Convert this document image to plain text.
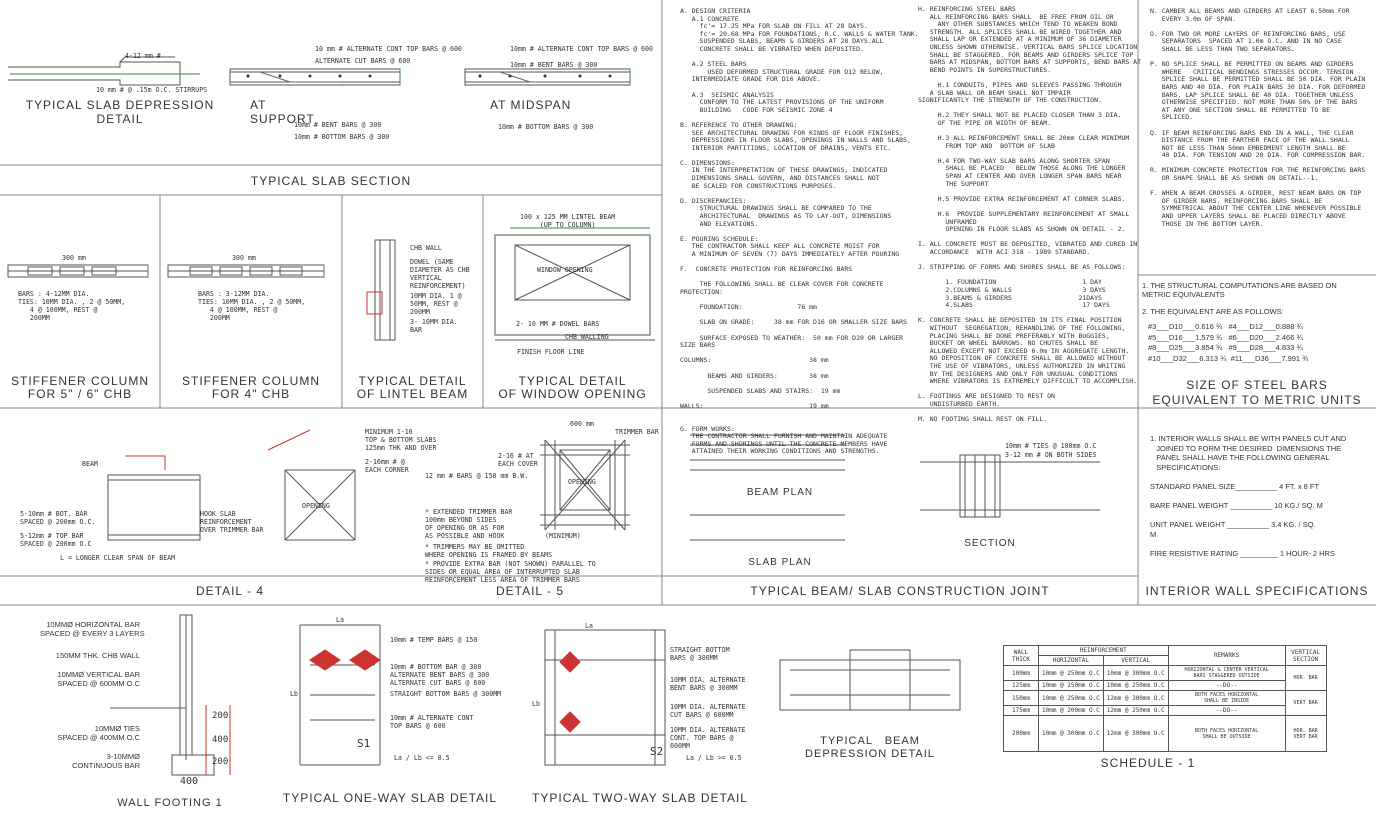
TYPICAL SLAB DEPRESSION DETAIL
4-12 mm #
10 mm # @ .15m O.C. STIRRUPS
AT SUPPORT
10 mm # ALTERNATE CONT TOP BARS @ 600
ALTERNATE CUT BARS @ 600
10mm # BENT BARS @ 300
10mm # BOTTOM BARS @ 300
AT MIDSPAN
10mm # ALTERNATE CONT TOP BARS @ 600
10mm # BENT BARS @ 300
10mm # BOTTOM BARS @ 300
TYPICAL SLAB SECTION
300 mm
BARS : 4-12MM DIA.
TIES: 10MM DIA. , 2 @ 50MM,
4 @ 100MM, REST @
200MM
STIFFENER COLUMN
FOR 5" / 6" CHB
300 mm
BARS : 3-12MM DIA.
TIES: 10MM DIA. , 2 @ 50MM,
4 @ 100MM, REST @
200MM
STIFFENER COLUMN
FOR 4" CHB
CHB WALL
DOWEL (SAME
DIAMETER AS CHB
VERTICAL
REINFORCEMENT)
10MM DIA. 1 @
50MM, REST @
200MM
3- 10MM DIA.
BAR
TYPICAL DETAIL
OF LINTEL BEAM
100 x 125 MM LINTEL BEAM
(UP TO COLUMN)
WINDOW OPENING
2- 10 MM # DOWEL BARS
CHB WALLING
FINISH FLOOR LINE
TYPICAL DETAIL
OF WINDOW OPENING
A. DESIGN CRITERIA
A.1 CONCRETE
fc'= 17.25 MPa FOR SLAB ON FILL AT 28 DAYS.
fc'= 20.68 MPa FOR FOUNDATIONS, R.C. WALLS & WATER TANK.
SUSPENDED SLABS, BEAMS & GIRDERS AT 28 DAYS.ALL
CONCRETE SHALL BE VIBRATED WHEN DEPOSITED.

A.2 STEEL BARS
USED DEFORMED STRUCTURAL GRADE FOR D12 BELOW,
INTERMEDIATE GRADE FOR D16 ABOVE.

A.3  SEISMIC ANALYSIS
CONFORM TO THE LATEST PROVISIONS OF THE UNIFORM
BUILDING   CODE FOR SEISMIC ZONE 4

B. REFERENCE TO OTHER DRAWING:
SEE ARCHITECTURAL DRAWING FOR KINDS OF FLOOR FINISHES,
DEPRESSIONS IN FLOOR SLABS, OPENINGS IN WALLS AND SLABS,
INTERIOR PARTITIONS, LOCATION OF DRAINS, VENTS ETC.

C. DIMENSIONS:
IN THE INTERPRETATION OF THESE DRAWINGS, INDICATED
DIMENSIONS SHALL GOVERN, AND DISTANCES SHALL NOT
BE SCALED FOR CONSTRUCTIONS PURPOSES.

D. DISCREPANCIES:
STRUCTURAL DRAWINGS SHALL BE COMPARED TO THE
ARCHITECTURAL  DRAWINGS AS TO LAY-OUT, DIMENSIONS
AND ELEVATIONS.

E. POURING SCHEDULE:
THE CONTRACTOR SHALL KEEP ALL CONCRETE MOIST FOR
A MINIMUM OF SEVEN (7) DAYS IMMEDIATELY AFTER POURING

F.  CONCRETE PROTECTION FOR REINFORCING BARS

THE FOLLOWING SHALL BE CLEAR COVER FOR CONCRETE
PROTECTION:

FOUNDATION:              76 mm

SLAB ON GRADE:     38 mm FOR D16 OR SMALLER SIZE BARS

SURFACE EXPOSED TO WEATHER:  50 mm FOR D20 OR LARGER
SIZE BARS

COLUMNS:                         38 mm

BEAMS AND GIRDERS:        38 mm

SUSPENDED SLABS AND STAIRS:  19 mm

WALLS:                           19 mm

G. FORM WORKS:
THE CONTRACTOR SHALL FURNISH AND MAINTAIN ADEQUATE
FORMS AND SHORINGS UNTIL THE CONCRETE MEMBERS HAVE
ATTAINED THEIR WORKING CONDITIONS AND STRENGTHS.
H. REINFORCING STEEL BARS
ALL REINFORCING BARS SHALL  BE FREE FROM OIL OR
ANY OTHER SUBSTANCES WHICH TEND TO WEAKEN BOND
STRENGTH. ALL SPLICES SHALL BE WIRED TOGETHER AND
SHALL LAP OR EXTENDED AT A MINIMUM OF 36 DIAMETER
UNLESS SHOWN OTHERWISE. VERTICAL BARS SPLICE LOCATION
SHALL BE STAGGERED. FOR BEAMS AND GIRDERS SPLICE TOP
BARS AT MIDSPAN, BOTTOM BARS AT SUPPORTS, BEND BARS AT
BEND POINTS IN SUPERSTRUCTURES.

H.1 CONDUITS, PIPES AND SLEEVES PASSING THROUGH
A SLAB WALL OR BEAM SHALL NOT IMPAIR
SIGNIFICANTLY THE STRENGTH OF THE CONSTRUCTION.

H.2 THEY SHALL NOT BE PLACED CLOSER THAN 3 DIA.
OF THE PIPE OR WIDTH OF BEAM.

H.3 ALL REINFORCEMENT SHALL BE 20mm CLEAR MINIMUM
FROM TOP AND  BOTTOM OF SLAB

H.4 FOR TWO-WAY SLAB BARS ALONG SHORTER SPAN
SHALL BE PLACED   BELOW THOSE ALONG THE LONGER
SPAN AT CENTER AND OVER LONGER SPAN BARS NEAR
THE SUPPORT

H.5 PROVIDE EXTRA REINFORCEMENT AT CORNER SLABS.

H.6  PROVIDE SUPPLEMENTARY REINFORCEMENT AT SMALL
UNFRAMED
OPENING IN FLOOR SLABS AS SHOWN ON DETAIL - 2.

I. ALL CONCRETE MUST BE DEPOSITED, VIBRATED AND CURED IN
ACCORDANCE  WITH ACI 318 - 1989 STANDARD.

J. STRIPPING OF FORMS AND SHORES SHALL BE AS FOLLOWS:

1. FOUNDATION                      1 DAY
2.COLUMNS & WALLS                  3 DAYS
3.BEAMS & GIRDERS                 21DAYS
4.SLABS                            17 DAYS

K. CONCRETE SHALL BE DEPOSITED IN ITS FINAL POSITION
WITHOUT  SEGREGATION, REHANDLING OF THE FOLLOWING,
PLACING SHALL BE DONE PREFERABLY WITH BUGGIES,
BUCKET OR WHEEL BARROWS. NO CHUTES SHALL BE
ALLOWED EXCEPT NOT EXCEED 6.0m IN AGGREGATE LENGTH.
NO DEPOSITION OF CONCRETE SHALL BE ALLOWED WITHOUT
THE USE OF VIBRATORS, UNLESS AUTHORIZED IN WRITING
BY THE DESIGNERS AND ONLY FOR UNUSUAL CONDITIONS
WHERE VIBRATORS IS EXTREMELY DIFFICULT TO ACCOMPLISH.

L. FOOTINGS ARE DESIGNED TO REST ON
UNDISTURBED EARTH.

M. NO FOOTING SHALL REST ON FILL.
N. CAMBER ALL BEAMS AND GIRDERS AT LEAST 6.50mm FOR
EVERY 3.0m OF SPAN.

O. FOR TWO OR MORE LAYERS OF REINFORCING BARS, USE
SEPARATORS  SPACED AT 1.0m O.C. AND IN NO CASE
SHALL BE LESS THAN TWO SEPARATORS.

P. NO SPLICE SHALL BE PERMITTED ON BEAMS AND GIRDERS
WHERE   CRITICAL BENDINGS STRESSES OCCUR. TENSION
SPLICE SHALL BE PERMITTED SHALL BE 50 DIA. FOR PLAIN
BARS AND 40 DIA. FOR PLAIN BARS 30 DIA. FOR DEFORMED
BARS. LAP SPLICE SHALL BE 40 DIA. TOGETHER UNLESS
OTHERWISE SPECIFIED. NOT MORE THAN 50% OF THE BARS
AT ANY ONE SECTION SHALL BE PERMITTED TO BE
SPLICED.

Q. IF BEAM REINFORCING BARS END IN A WALL, THE CLEAR
DISTANCE FROM THE FARTHER FACE OF THE WALL SHALL
NOT BE LESS THAN 50mm EMBEDMENT LENGTH SHALL BE
40 DIA. FOR TENSION AND 20 DIA. FOR COMPRESSION BAR.

R. MINIMUM CONCRETE PROTECTION FOR THE REINFORCING BARS
OR SHAPE SHALL BE AS SHOWN ON DETAIL--1.

F. WHEN A BEAM CROSSES A GIRDER, REST BEAM BARS ON TOP
OF GIRDER BARS. REINFORCING BARS SHALL BE
SYMMETRICAL ABOUT THE CENTER LINE WHENEVER POSSIBLE
AND UPPER LAYERS SHALL BE PLACED DIRECTLY ABOVE
THOSE IN THE BOTTOM LAYER.
1. THE STRUCTURAL COMPUTATIONS ARE BASED ON
METRIC EQUIVALENTS
2. THE EQUIVALENT ARE AS FOLLOWS:
#3___D10___0.616 ¾   #4___D12___0.888 ¾
#5___D16___1.579 ¾   #6___D20___2.466 ¾
#8___D25___3.854 ¾   #9___D28___4.833 ¾
#10___D32___6.313 ¾  #11___D36___7.991 ¾
SIZE OF STEEL BARS
EQUIVALENT TO METRIC UNITS
BEAM
5-10mm # BOT. BAR
SPACED @ 200mm O.C.
5-12mm # TOP BAR
SPACED @ 200mm O.C
L = LONGER CLEAR SPAN OF BEAM
MINIMUM 1-16
TOP & BOTTOM SLABS
125mm THK AND OVER
2-16mm # @
EACH CORNER
HOOK SLAB
REINFORCEMENT
OVER TRIMMER BAR
OPENING
DETAIL - 4
12 mm # BARS @ 150 mm B.W.
* EXTENDED TRIMMER BAR
100mm BEYOND SIDES
OF OPENING OR AS FOR
AS POSSIBLE AND HOOK
* TRIMMERS MAY BE OMITTED
WHERE OPENING IS FRAMED BY BEAMS
* PROVIDE EXTRA BAR (NOT SHOWN) PARALLEL TO
SIDES OR EQUAL AREA OF INTERRUPTED SLAB
REINFORCEMENT LESS AREA OF TRIMMER BARS
TRIMMER BAR
2-16 # AT
EACH COVER
OPENING
(MINIMUM)
600 mm
DETAIL - 5
BEAM PLAN
SLAB PLAN
SECTION
10mm # TIES @ 100mm O.C
3-12 mm # ON BOTH SIDES
TYPICAL BEAM/ SLAB CONSTRUCTION JOINT
1. INTERIOR WALLS SHALL BE WITH PANELS CUT AND
JOINED TO FORM THE DESIRED  DIMENSIONS THE
PANEL SHALL HAVE THE FOLLOWING GENERAL
SPECIFICATIONS:

STANDARD PANEL SIZE__________ 4 FT. x 8 FT

BARE PANEL WEIGHT __________ 10 KG./ SQ. M

UNIT PANEL WEIGHT __________ 3.4 KG. / SQ.
M

FIRE RESISTIVE RATING _________ 1 HOUR- 2 HRS
INTERIOR WALL SPECIFICATIONS
10MMØ HORIZONTAL BAR
SPACED @ EVERY 3 LAYERS
150MM THK. CHB WALL
10MMØ VERTICAL BAR
SPACED @ 600MM O.C
10MMØ TIES
SPACED @ 400MM O.C
3-10MMØ
CONTINUOUS BAR
200
400
200
400
WALL FOOTING 1
10mm # TEMP BARS @ 150
10mm # BOTTOM BAR @ 300
ALTERNATE BENT BARS @ 300
ALTERNATE CUT BARS @ 600
STRAIGHT BOTTOM BARS @ 300MM
10mm # ALTERNATE CONT
TOP BARS @ 600
S1
La
Lb
La / Lb <= 0.5
TYPICAL ONE-WAY SLAB DETAIL
STRAIGHT BOTTOM
BARS @ 300MM
10MM DIA. ALTERNATE
BENT BARS @ 300MM
10MM DIA. ALTERNATE
CUT BARS @ 600MM
10MM DIA. ALTERNATE
CONT. TOP BARS @
600MM
S2
La
Lb
La / Lb >= 0.5
TYPICAL TWO-WAY SLAB DETAIL
TYPICAL   BEAM
DEPRESSION DETAIL
WALL
THICK	REINFORCEMENT		REMARKS	VERTICAL
SECTION
	HORIZONTAL	VERTICAL		
100mm	10mm @ 250mm O.C	10mm @ 300mm O.C	HORIZONTAL & CENTER VERTICAL
BARS STAGGERED OUTSIDE	HOR. BAR
125mm	10mm @ 250mm O.C	10mm @ 250mm O.C	--DO--	
150mm	10mm @ 250mm O.C	12mm @ 300mm O.C	BOTH FACES HORIZONTAL
SHALL BE INSIDE	VERT BAR
175mm	10mm @ 200mm O.C	12mm @ 250mm O.C	--DO--	
200mm	10mm @ 300mm O.C	12mm @ 300mm O.C	BOTH FACES HORIZONTAL
SHALL BE OUTSIDE	HOR. BAR
VERT BAR
SCHEDULE - 1
